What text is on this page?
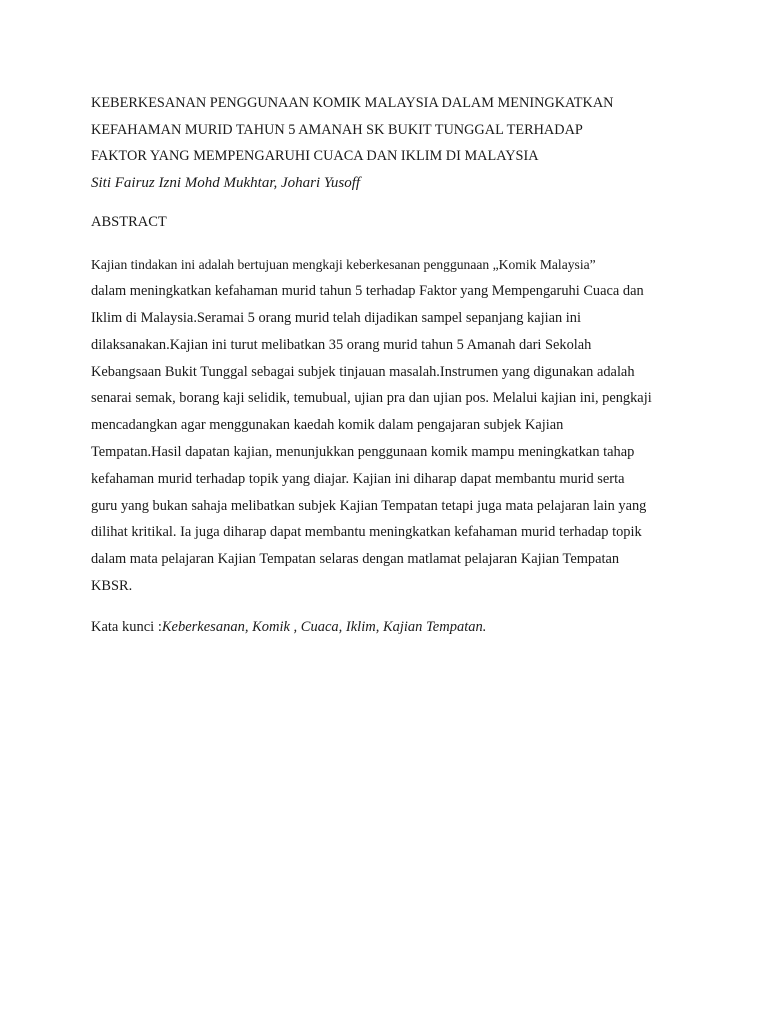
KEBERKESANAN PENGGUNAAN KOMIK MALAYSIA DALAM MENINGKATKAN
KEFAHAMAN MURID TAHUN 5 AMANAH SK BUKIT TUNGGAL TERHADAP
FAKTOR YANG MEMPENGARUHI CUACA DAN IKLIM DI MALAYSIA
Siti Fairuz Izni Mohd Mukhtar, Johari Yusoff
ABSTRACT
Kajian tindakan ini adalah bertujuan mengkaji keberkesanan penggunaan „Komik Malaysia”
dalam meningkatkan kefahaman murid tahun 5 terhadap Faktor yang Mempengaruhi Cuaca dan
Iklim di Malaysia.Seramai 5 orang murid telah dijadikan sampel sepanjang kajian ini
dilaksanakan.Kajian ini turut melibatkan 35 orang murid tahun 5 Amanah dari Sekolah
Kebangsaan Bukit Tunggal sebagai subjek tinjauan masalah.Instrumen yang digunakan adalah
senarai semak, borang kaji selidik, temubual, ujian pra dan ujian pos. Melalui kajian ini, pengkaji
mencadangkan agar menggunakan kaedah komik dalam pengajaran subjek Kajian
Tempatan.Hasil dapatan kajian, menunjukkan penggunaan komik mampu meningkatkan tahap
kefahaman murid terhadap topik yang diajar. Kajian ini diharap dapat membantu murid serta
guru yang bukan sahaja melibatkan subjek Kajian Tempatan tetapi juga mata pelajaran lain yang
dilihat kritikal. Ia juga diharap dapat membantu meningkatkan kefahaman murid terhadap topik
dalam mata pelajaran Kajian Tempatan selaras dengan matlamat pelajaran Kajian Tempatan
KBSR.
Kata kunci :Keberkesanan, Komik , Cuaca, Iklim, Kajian Tempatan.
